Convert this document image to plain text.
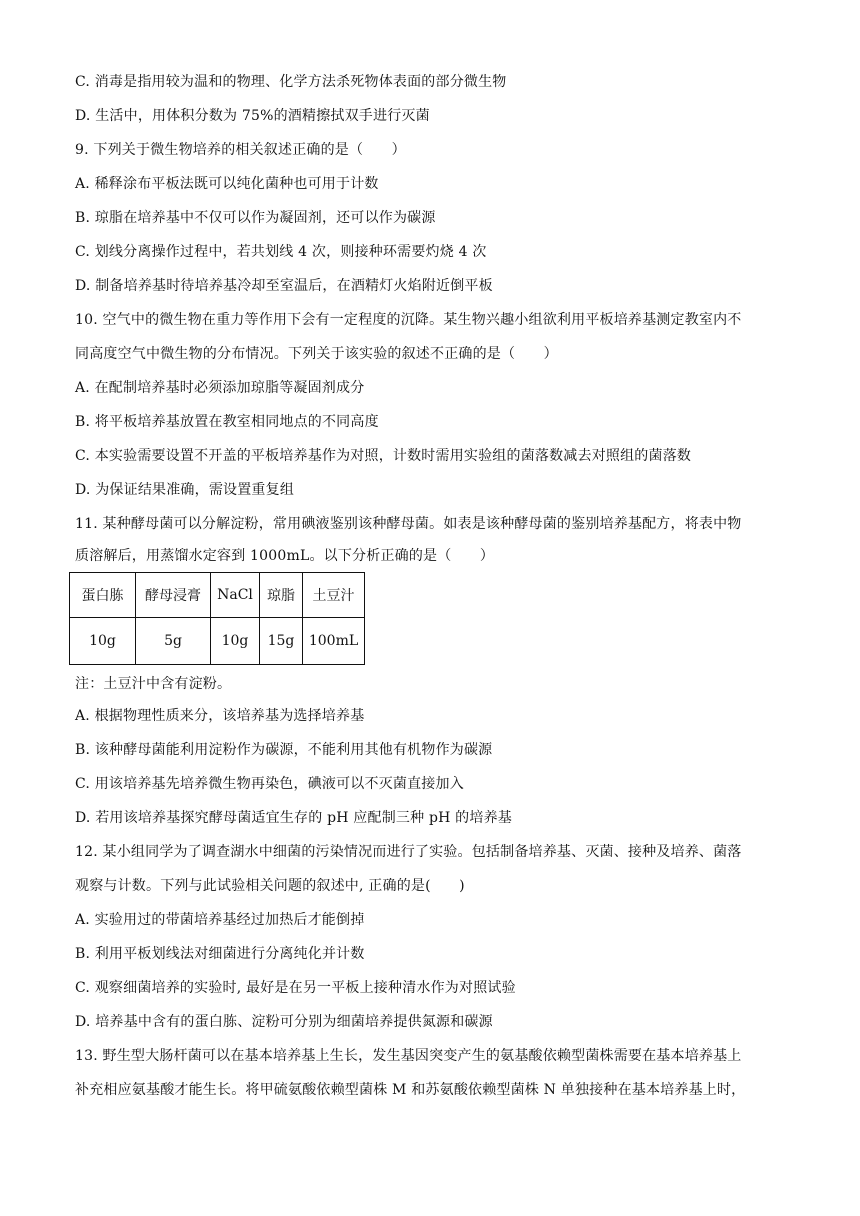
C. 消毒是指用较为温和的物理、化学方法杀死物体表面的部分微生物
D. 生活中，用体积分数为 75%的酒精擦拭双手进行灭菌
9. 下列关于微生物培养的相关叙述正确的是（　　）
A. 稀释涂布平板法既可以纯化菌种也可用于计数
B. 琼脂在培养基中不仅可以作为凝固剂，还可以作为碳源
C. 划线分离操作过程中，若共划线 4 次，则接种环需要灼烧 4 次
D. 制备培养基时待培养基冷却至室温后，在酒精灯火焰附近倒平板
10. 空气中的微生物在重力等作用下会有一定程度的沉降。某生物兴趣小组欲利用平板培养基测定教室内不
同高度空气中微生物的分布情况。下列关于该实验的叙述不正确的是（　　）
A. 在配制培养基时必须添加琼脂等凝固剂成分
B. 将平板培养基放置在教室相同地点的不同高度
C. 本实验需要设置不开盖的平板培养基作为对照，计数时需用实验组的菌落数减去对照组的菌落数
D. 为保证结果准确，需设置重复组
11. 某种酵母菌可以分解淀粉，常用碘液鉴别该种酵母菌。如表是该种酵母菌的鉴别培养基配方，将表中物
质溶解后，用蒸馏水定容到 1000mL。以下分析正确的是（　　）
蛋白胨	酵母浸膏	NaCl	琼脂	土豆汁
10g	5g	10g	15g	100mL
注：土豆汁中含有淀粉。
A. 根据物理性质来分，该培养基为选择培养基
B. 该种酵母菌能利用淀粉作为碳源，不能利用其他有机物作为碳源
C. 用该培养基先培养微生物再染色，碘液可以不灭菌直接加入
D. 若用该培养基探究酵母菌适宜生存的 pH 应配制三种 pH 的培养基
12. 某小组同学为了调查湖水中细菌的污染情况而进行了实验。包括制备培养基、灭菌、接种及培养、菌落
观察与计数。下列与此试验相关问题的叙述中, 正确的是(　　)
A. 实验用过的带菌培养基经过加热后才能倒掉
B. 利用平板划线法对细菌进行分离纯化并计数
C. 观察细菌培养的实验时, 最好是在另一平板上接种清水作为对照试验
D. 培养基中含有的蛋白胨、淀粉可分别为细菌培养提供氮源和碳源
13. 野生型大肠杆菌可以在基本培养基上生长，发生基因突变产生的氨基酸依赖型菌株需要在基本培养基上
补充相应氨基酸才能生长。将甲硫氨酸依赖型菌株 M 和苏氨酸依赖型菌株 N 单独接种在基本培养基上时，
